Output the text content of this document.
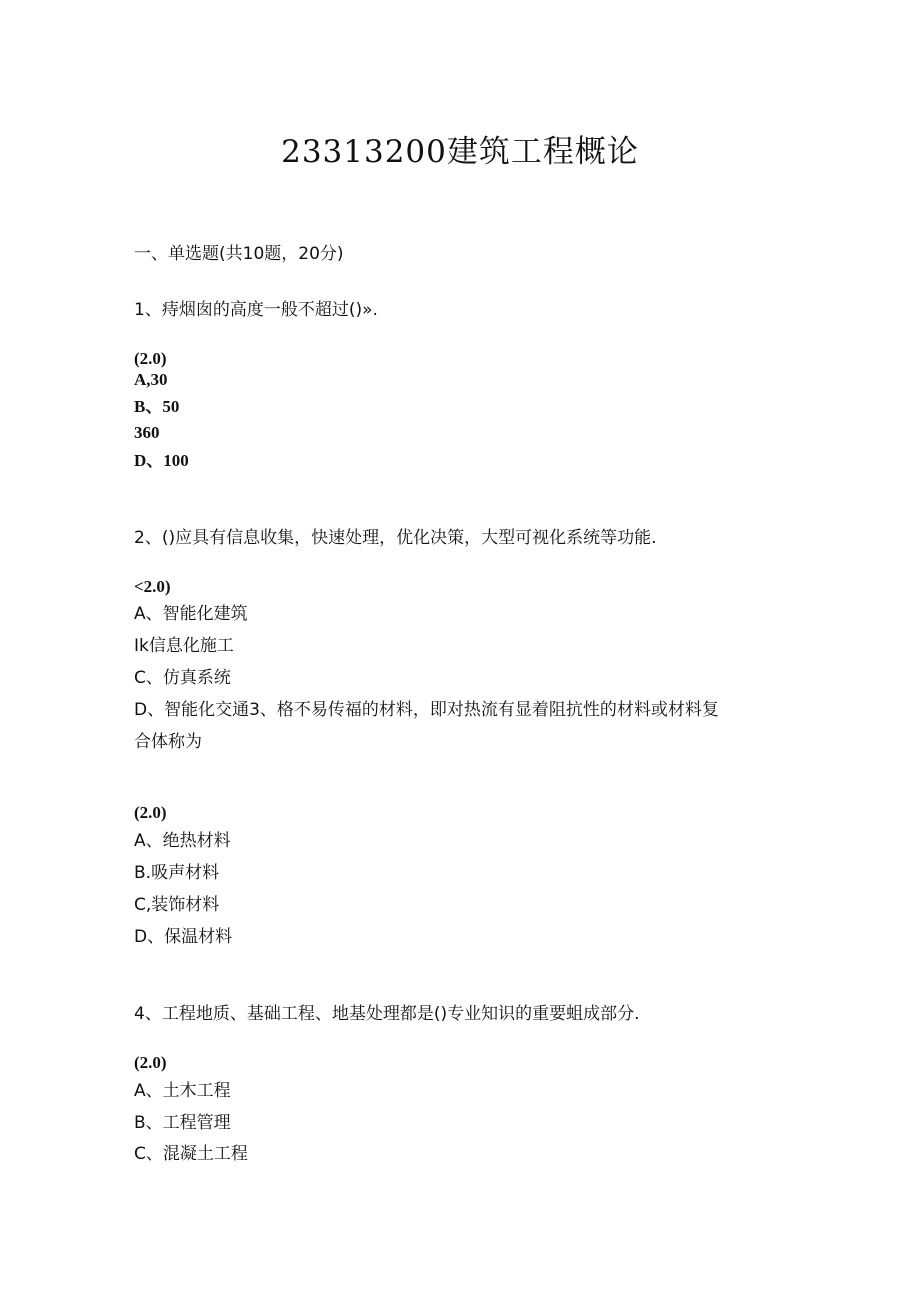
23313200建筑工程概论
一、单选题(共10题，20分)
1、痔烟囱的高度一般不超过()».
(2.0)
A,30
B、50
360
D、100
2、()应具有信息收集，快速处理，优化决策，大型可视化系统等功能.
<2.0)
A、智能化建筑
Ik信息化施工
C、仿真系统
D、智能化交通3、格不易传福的材料，即对热流有显着阻抗性的材料或材料复
合体称为
(2.0)
A、绝热材料
B.吸声材料
C,装饰材料
D、保温材料
4、工程地质、基础工程、地基处理都是()专业知识的重要蛆成部分.
(2.0)
A、土木工程
B、工程管理
C、混凝土工程
